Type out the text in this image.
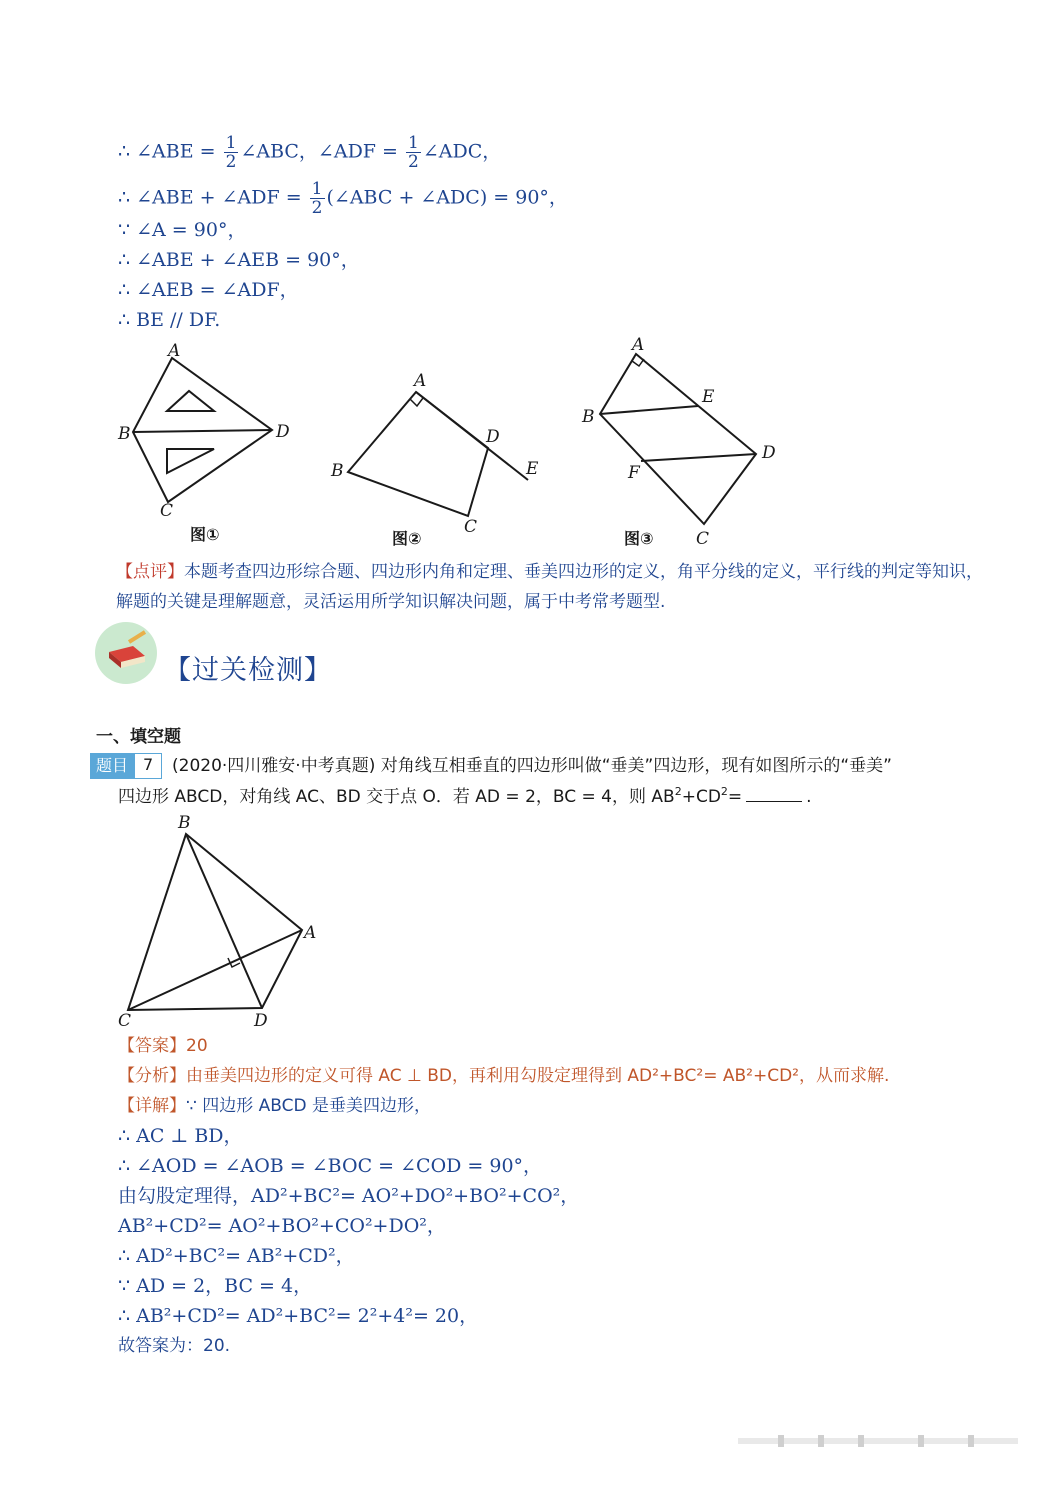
∴ ∠ABE = $\frac{1}{2}$ ∠ABC，∠ADF = $\frac{1}{2}$ ∠ADC，
∴ ∠ABE + ∠ADF = $\frac{1}{2}$ (∠ABC + ∠ADC) = 90°，
∵ ∠A = 90°，
∴ ∠ABE + ∠AEB = 90°，
∴ ∠AEB = ∠ADF，
∴ BE // DF.
A
B
C
D
图①
A
B
C
D
E
图②
A
B
C
D
E
F
图③
【点评】本题考查四边形综合题、四边形内角和定理、垂美四边形的定义，角平分线的定义，平行线的判定等知识，解题的关键是理解题意，灵活运用所学知识解决问题，属于中考常考题型.
【过关检测】
一、填空题
题目 7	(2020·四川雅安·中考真题) 对角线互相垂直的四边形叫做“垂美”四边形，现有如图所示的“垂美”
四边形 ABCD，对角线 AC、BD 交于点 O．若 AD = 2，BC = 4，则 $AB^2+CD^2=$	.
B
A
C	D
【答案】20
【分析】由垂美四边形的定义可得 AC ⊥ BD，再利用勾股定理得到 AD²+BC²= AB²+CD²，从而求解.
【详解】∵ 四边形 ABCD 是垂美四边形，
∴ AC ⊥ BD，
∴ ∠AOD = ∠AOB = ∠BOC = ∠COD = 90°，
由勾股定理得，AD²+BC²= AO²+DO²+BO²+CO²，
AB²+CD²= AO²+BO²+CO²+DO²，
∴ AD²+BC²= AB²+CD²，
∵ AD = 2，BC = 4，
∴ AB²+CD²= AD²+BC²= 2²+4²= 20，
故答案为：20.
